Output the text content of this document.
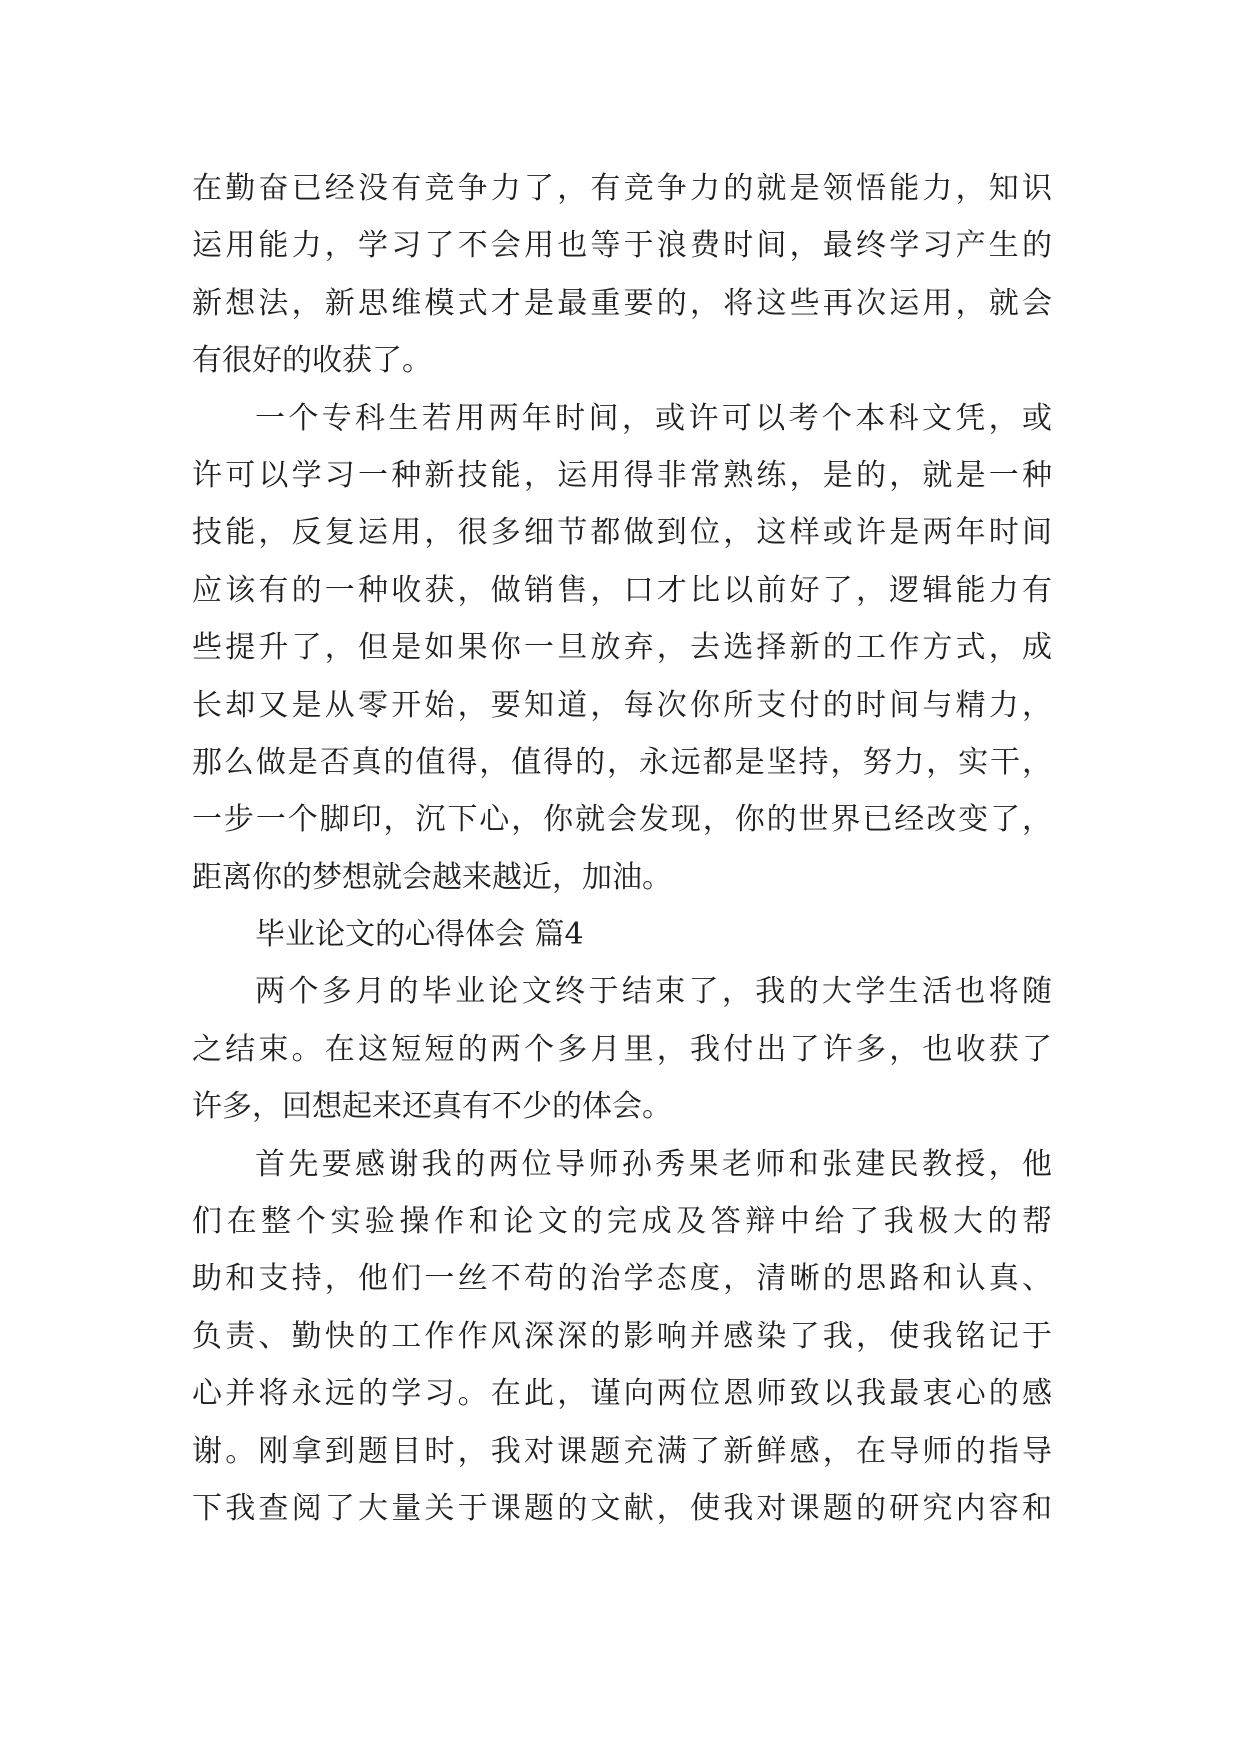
在勤奋已经没有竞争力了，有竞争力的就是领悟能力，知识
运用能力，学习了不会用也等于浪费时间，最终学习产生的
新想法，新思维模式才是最重要的，将这些再次运用，就会
有很好的收获了。
一个专科生若用两年时间，或许可以考个本科文凭，或
许可以学习一种新技能，运用得非常熟练，是的，就是一种
技能，反复运用，很多细节都做到位，这样或许是两年时间
应该有的一种收获，做销售，口才比以前好了，逻辑能力有
些提升了，但是如果你一旦放弃，去选择新的工作方式，成
长却又是从零开始，要知道，每次你所支付的时间与精力，
那么做是否真的值得，值得的，永远都是坚持，努力，实干，
一步一个脚印，沉下心，你就会发现，你的世界已经改变了，
距离你的梦想就会越来越近，加油。
毕业论文的心得体会 篇4
两个多月的毕业论文终于结束了，我的大学生活也将随
之结束。在这短短的两个多月里，我付出了许多，也收获了
许多，回想起来还真有不少的体会。
首先要感谢我的两位导师孙秀果老师和张建民教授，他
们在整个实验操作和论文的完成及答辩中给了我极大的帮
助和支持，他们一丝不苟的治学态度，清晰的思路和认真、
负责、勤快的工作作风深深的影响并感染了我，使我铭记于
心并将永远的学习。在此，谨向两位恩师致以我最衷心的感
谢。刚拿到题目时，我对课题充满了新鲜感，在导师的指导
下我查阅了大量关于课题的文献，使我对课题的研究内容和
